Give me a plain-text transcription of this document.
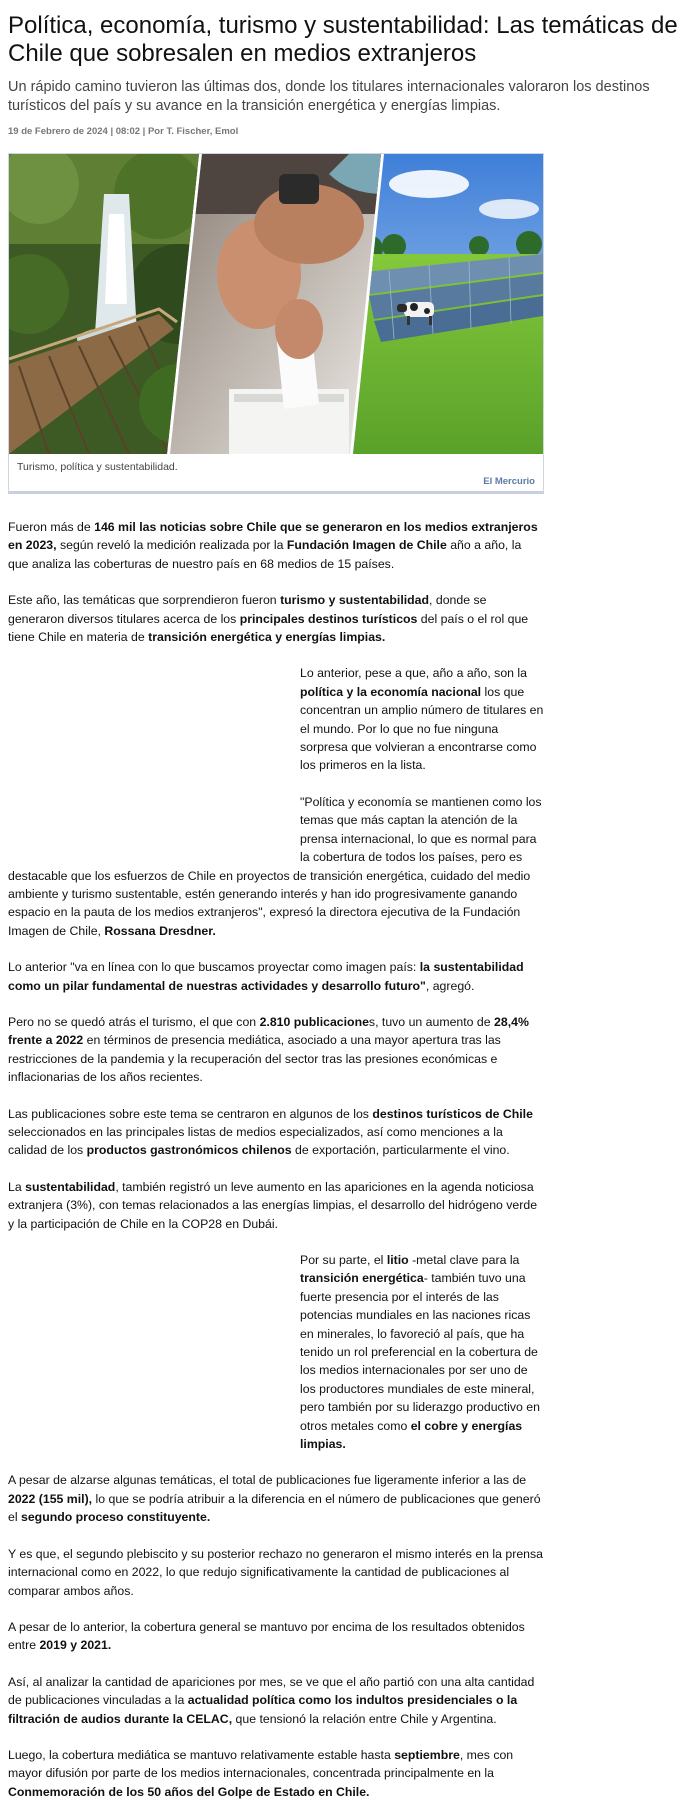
Política, economía, turismo y sustentabilidad: Las temáticas de Chile que sobresalen en medios extranjeros
Un rápido camino tuvieron las últimas dos, donde los titulares internacionales valoraron los destinos turísticos del país y su avance en la transición energética y energías limpias.
19 de Febrero de 2024 | 08:02 | Por T. Fischer, Emol
Turismo, política y sustentabilidad.
El Mercurio

Fueron más de 146 mil las noticias sobre Chile que se generaron en los medios extranjeros en 2023, según reveló la medición realizada por la Fundación Imagen de Chile año a año, la que analiza las coberturas de nuestro país en 68 medios de 15 países.

Este año, las temáticas que sorprendieron fueron turismo y sustentabilidad, donde se generaron diversos titulares acerca de los principales destinos turísticos del país o el rol que tiene Chile en materia de transición energética y energías limpias.

Lo anterior, pese a que, año a año, son la política y la economía nacional los que concentran un amplio número de titulares en el mundo. Por lo que no fue ninguna sorpresa que volvieran a encontrarse como los primeros en la lista.

"Política y economía se mantienen como los temas que más captan la atención de la prensa internacional, lo que es normal para la cobertura de todos los países, pero es destacable que los esfuerzos de Chile en proyectos de transición energética, cuidado del medio ambiente y turismo sustentable, estén generando interés y han ido progresivamente ganando espacio en la pauta de los medios extranjeros", expresó la directora ejecutiva de la Fundación Imagen de Chile, Rossana Dresdner.

Lo anterior "va en línea con lo que buscamos proyectar como imagen país: la sustentabilidad como un pilar fundamental de nuestras actividades y desarrollo futuro", agregó.

Pero no se quedó atrás el turismo, el que con 2.810 publicaciones, tuvo un aumento de 28,4% frente a 2022 en términos de presencia mediática, asociado a una mayor apertura tras las restricciones de la pandemia y la recuperación del sector tras las presiones económicas e inflacionarias de los años recientes.

Las publicaciones sobre este tema se centraron en algunos de los destinos turísticos de Chile seleccionados en las principales listas de medios especializados, así como menciones a la calidad de los productos gastronómicos chilenos de exportación, particularmente el vino.

La sustentabilidad, también registró un leve aumento en las apariciones en la agenda noticiosa extranjera (3%), con temas relacionados a las energías limpias, el desarrollo del hidrógeno verde y la participación de Chile en la COP28 en Dubái.

Por su parte, el litio -metal clave para la transición energética- también tuvo una fuerte presencia por el interés de las potencias mundiales en las naciones ricas en minerales, lo favoreció al país, que ha tenido un rol preferencial en la cobertura de los medios internacionales por ser uno de los productores mundiales de este mineral, pero también por su liderazgo productivo en otros metales como el cobre y energías limpias.

A pesar de alzarse algunas temáticas, el total de publicaciones fue ligeramente inferior a las de 2022 (155 mil), lo que se podría atribuir a la diferencia en el número de publicaciones que generó el segundo proceso constituyente.

Y es que, el segundo plebiscito y su posterior rechazo no generaron el mismo interés en la prensa internacional como en 2022, lo que redujo significativamente la cantidad de publicaciones al comparar ambos años.

A pesar de lo anterior, la cobertura general se mantuvo por encima de los resultados obtenidos entre 2019 y 2021.

Así, al analizar la cantidad de apariciones por mes, se ve que el año partió con una alta cantidad de publicaciones vinculadas a la actualidad política como los indultos presidenciales o la filtración de audios durante la CELAC, que tensionó la relación entre Chile y Argentina.

Luego, la cobertura mediática se mantuvo relativamente estable hasta septiembre, mes con mayor difusión por parte de los medios internacionales, concentrada principalmente en la Conmemoración de los 50 años del Golpe de Estado en Chile.
